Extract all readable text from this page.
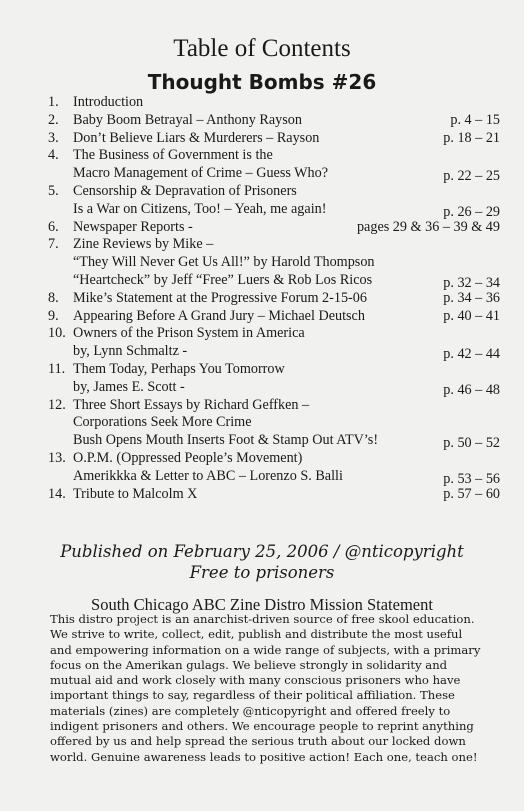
Table of Contents
Thought Bombs #26
1.	Introduction
2.	Baby Boom Betrayal – Anthony Rayson	p. 4 – 15
3.	Don’t Believe Liars & Murderers – Rayson	p. 18 – 21
4.	The Business of Government is the
Macro Management of Crime – Guess Who?	p. 22 – 25
5.	Censorship & Depravation of Prisoners
Is a War on Citizens, Too! – Yeah, me again!	p. 26 – 29
6.	Newspaper Reports -	pages 29 & 36 – 39 & 49
7.	Zine Reviews by Mike –
“They Will Never Get Us All!” by Harold Thompson
“Heartcheck” by Jeff “Free” Luers & Rob Los Ricos	p. 32 – 34
8.	Mike’s Statement at the Progressive Forum 2-15-06	p. 34 – 36
9.	Appearing Before A Grand Jury – Michael Deutsch	p. 40 – 41
10. Owners of the Prison System in America
by, Lynn Schmaltz -	p. 42 – 44
11. Them Today, Perhaps You Tomorrow
by, James E. Scott -	p. 46 – 48
12. Three Short Essays by Richard Geffken –
Corporations Seek More Crime
Bush Opens Mouth Inserts Foot & Stamp Out ATV’s!	p. 50 – 52
13. O.P.M. (Oppressed People’s Movement)
Amerikkka & Letter to ABC – Lorenzo S. Balli	p. 53 – 56
14. Tribute to Malcolm X	p. 57 – 60
Published on February 25, 2006 / @nticopyright
Free to prisoners
South Chicago ABC Zine Distro Mission Statement
This distro project is an anarchist-driven source of free skool education.
We strive to write, collect, edit, publish and distribute the most useful
and empowering information on a wide range of subjects, with a primary
focus on the Amerikan gulags. We believe strongly in solidarity and
mutual aid and work closely with many conscious prisoners who have
important things to say, regardless of their political affiliation. These
materials (zines) are completely @nticopyright and offered freely to
indigent prisoners and others. We encourage people to reprint anything
offered by us and help spread the serious truth about our locked down
world. Genuine awareness leads to positive action! Each one, teach one!
